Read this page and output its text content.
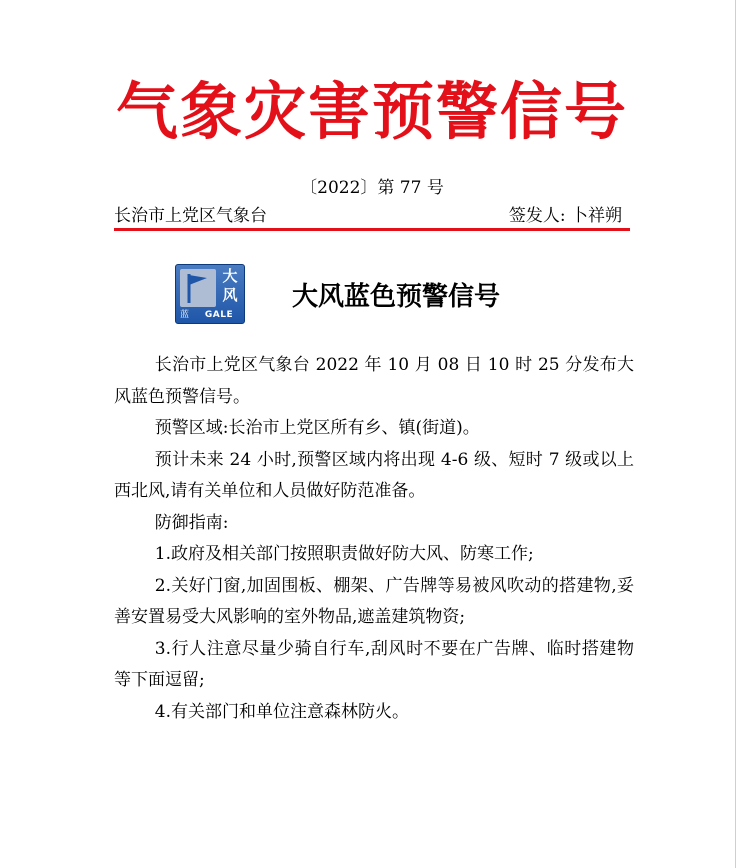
气象灾害预警信号
〔2022〕第 77 号
长治市上党区气象台	签发人: 卜祥朔
大
风
蓝	GALE
大风蓝色预警信号

长治市上党区气象台 2022 年 10 月 08 日 10 时 25 分发布大风蓝色预警信号。

预警区域:长治市上党区所有乡、镇(街道)。

预计未来 24 小时,预警区域内将出现 4-6 级、短时 7 级或以上西北风,请有关单位和人员做好防范准备。

防御指南:

1.政府及相关部门按照职责做好防大风、防寒工作;

2.关好门窗,加固围板、棚架、广告牌等易被风吹动的搭建物,妥善安置易受大风影响的室外物品,遮盖建筑物资;

3.行人注意尽量少骑自行车,刮风时不要在广告牌、临时搭建物等下面逗留;

4.有关部门和单位注意森林防火。
